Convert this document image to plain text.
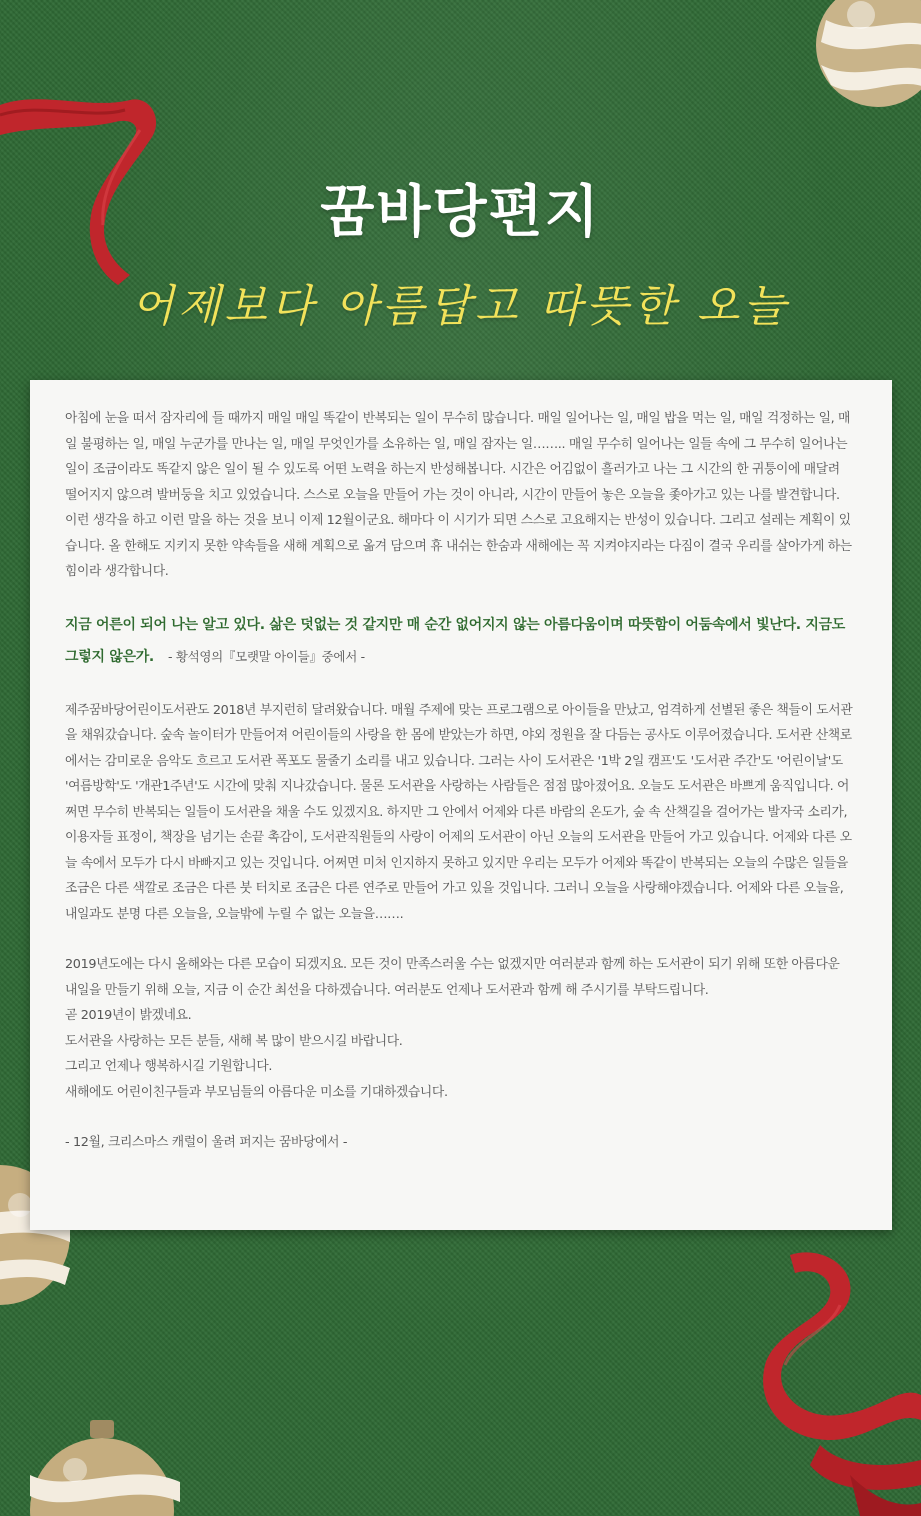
꿈바당편지
어제보다 아름답고 따뜻한 오늘

아침에 눈을 떠서 잠자리에 들 때까지 매일 매일 똑같이 반복되는 일이 무수히 많습니다. 매일 일어나는 일, 매일 밥을 먹는 일, 매일 걱정하는 일, 매일 불평하는 일, 매일 누군가를 만나는 일, 매일 무엇인가를 소유하는 일, 매일 잠자는 일…….. 매일 무수히 일어나는 일들 속에 그 무수히 일어나는 일이 조금이라도 똑같지 않은 일이 될 수 있도록 어떤 노력을 하는지 반성해봅니다. 시간은 어김없이 흘러가고 나는 그 시간의 한 귀퉁이에 매달려 떨어지지 않으려 발버둥을 치고 있었습니다. 스스로 오늘을 만들어 가는 것이 아니라, 시간이 만들어 놓은 오늘을 좇아가고 있는 나를 발견합니다. 이런 생각을 하고 이런 말을 하는 것을 보니 이제 12월이군요. 해마다 이 시기가 되면 스스로 고요해지는 반성이 있습니다. 그리고 설레는 계획이 있습니다. 올 한해도 지키지 못한 약속들을 새해 계획으로 옮겨 담으며 휴 내쉬는 한숨과 새해에는 꼭 지켜야지라는 다짐이 결국 우리를 살아가게 하는 힘이라 생각합니다.

지금 어른이 되어 나는 알고 있다. 삶은 덧없는 것 같지만 매 순간 없어지지 않는 아름다움이며 따뜻함이 어둠속에서 빛난다. 지금도 그렇지 않은가. - 황석영의『모랫말 아이들』중에서 -

제주꿈바당어린이도서관도 2018년 부지런히 달려왔습니다. 매월 주제에 맞는 프로그램으로 아이들을 만났고, 엄격하게 선별된 좋은 책들이 도서관을 채워갔습니다. 숲속 놀이터가 만들어져 어린이들의 사랑을 한 몸에 받았는가 하면, 야외 정원을 잘 다듬는 공사도 이루어졌습니다. 도서관 산책로에서는 감미로운 음악도 흐르고 도서관 폭포도 물줄기 소리를 내고 있습니다. 그러는 사이 도서관은 '1박 2일 캠프'도 '도서관 주간'도 '어린이날'도 '여름방학'도 '개관1주년'도 시간에 맞춰 지나갔습니다. 물론 도서관을 사랑하는 사람들은 점점 많아졌어요. 오늘도 도서관은 바쁘게 움직입니다. 어쩌면 무수히 반복되는 일들이 도서관을 채울 수도 있겠지요. 하지만 그 안에서 어제와 다른 바람의 온도가, 숲 속 산책길을 걸어가는 발자국 소리가, 이용자들 표정이, 책장을 넘기는 손끝 촉감이, 도서관직원들의 사랑이 어제의 도서관이 아닌 오늘의 도서관을 만들어 가고 있습니다. 어제와 다른 오늘 속에서 모두가 다시 바빠지고 있는 것입니다. 어쩌면 미처 인지하지 못하고 있지만 우리는 모두가 어제와 똑같이 반복되는 오늘의 수많은 일들을 조금은 다른 색깔로 조금은 다른 붓 터치로 조금은 다른 연주로 만들어 가고 있을 것입니다. 그러니 오늘을 사랑해야겠습니다. 어제와 다른 오늘을, 내일과도 분명 다른 오늘을, 오늘밖에 누릴 수 없는 오늘을…….

2019년도에는 다시 올해와는 다른 모습이 되겠지요. 모든 것이 만족스러울 수는 없겠지만 여러분과 함께 하는 도서관이 되기 위해 또한 아름다운 내일을 만들기 위해 오늘, 지금 이 순간 최선을 다하겠습니다. 여러분도 언제나 도서관과 함께 해 주시기를 부탁드립니다.

곧 2019년이 밝겠네요.

도서관을 사랑하는 모든 분들, 새해 복 많이 받으시길 바랍니다.

그리고 언제나 행복하시길 기원합니다.

새해에도 어린이친구들과 부모님들의 아름다운 미소를 기대하겠습니다.

- 12월, 크리스마스 캐럴이 울려 퍼지는 꿈바당에서 -
